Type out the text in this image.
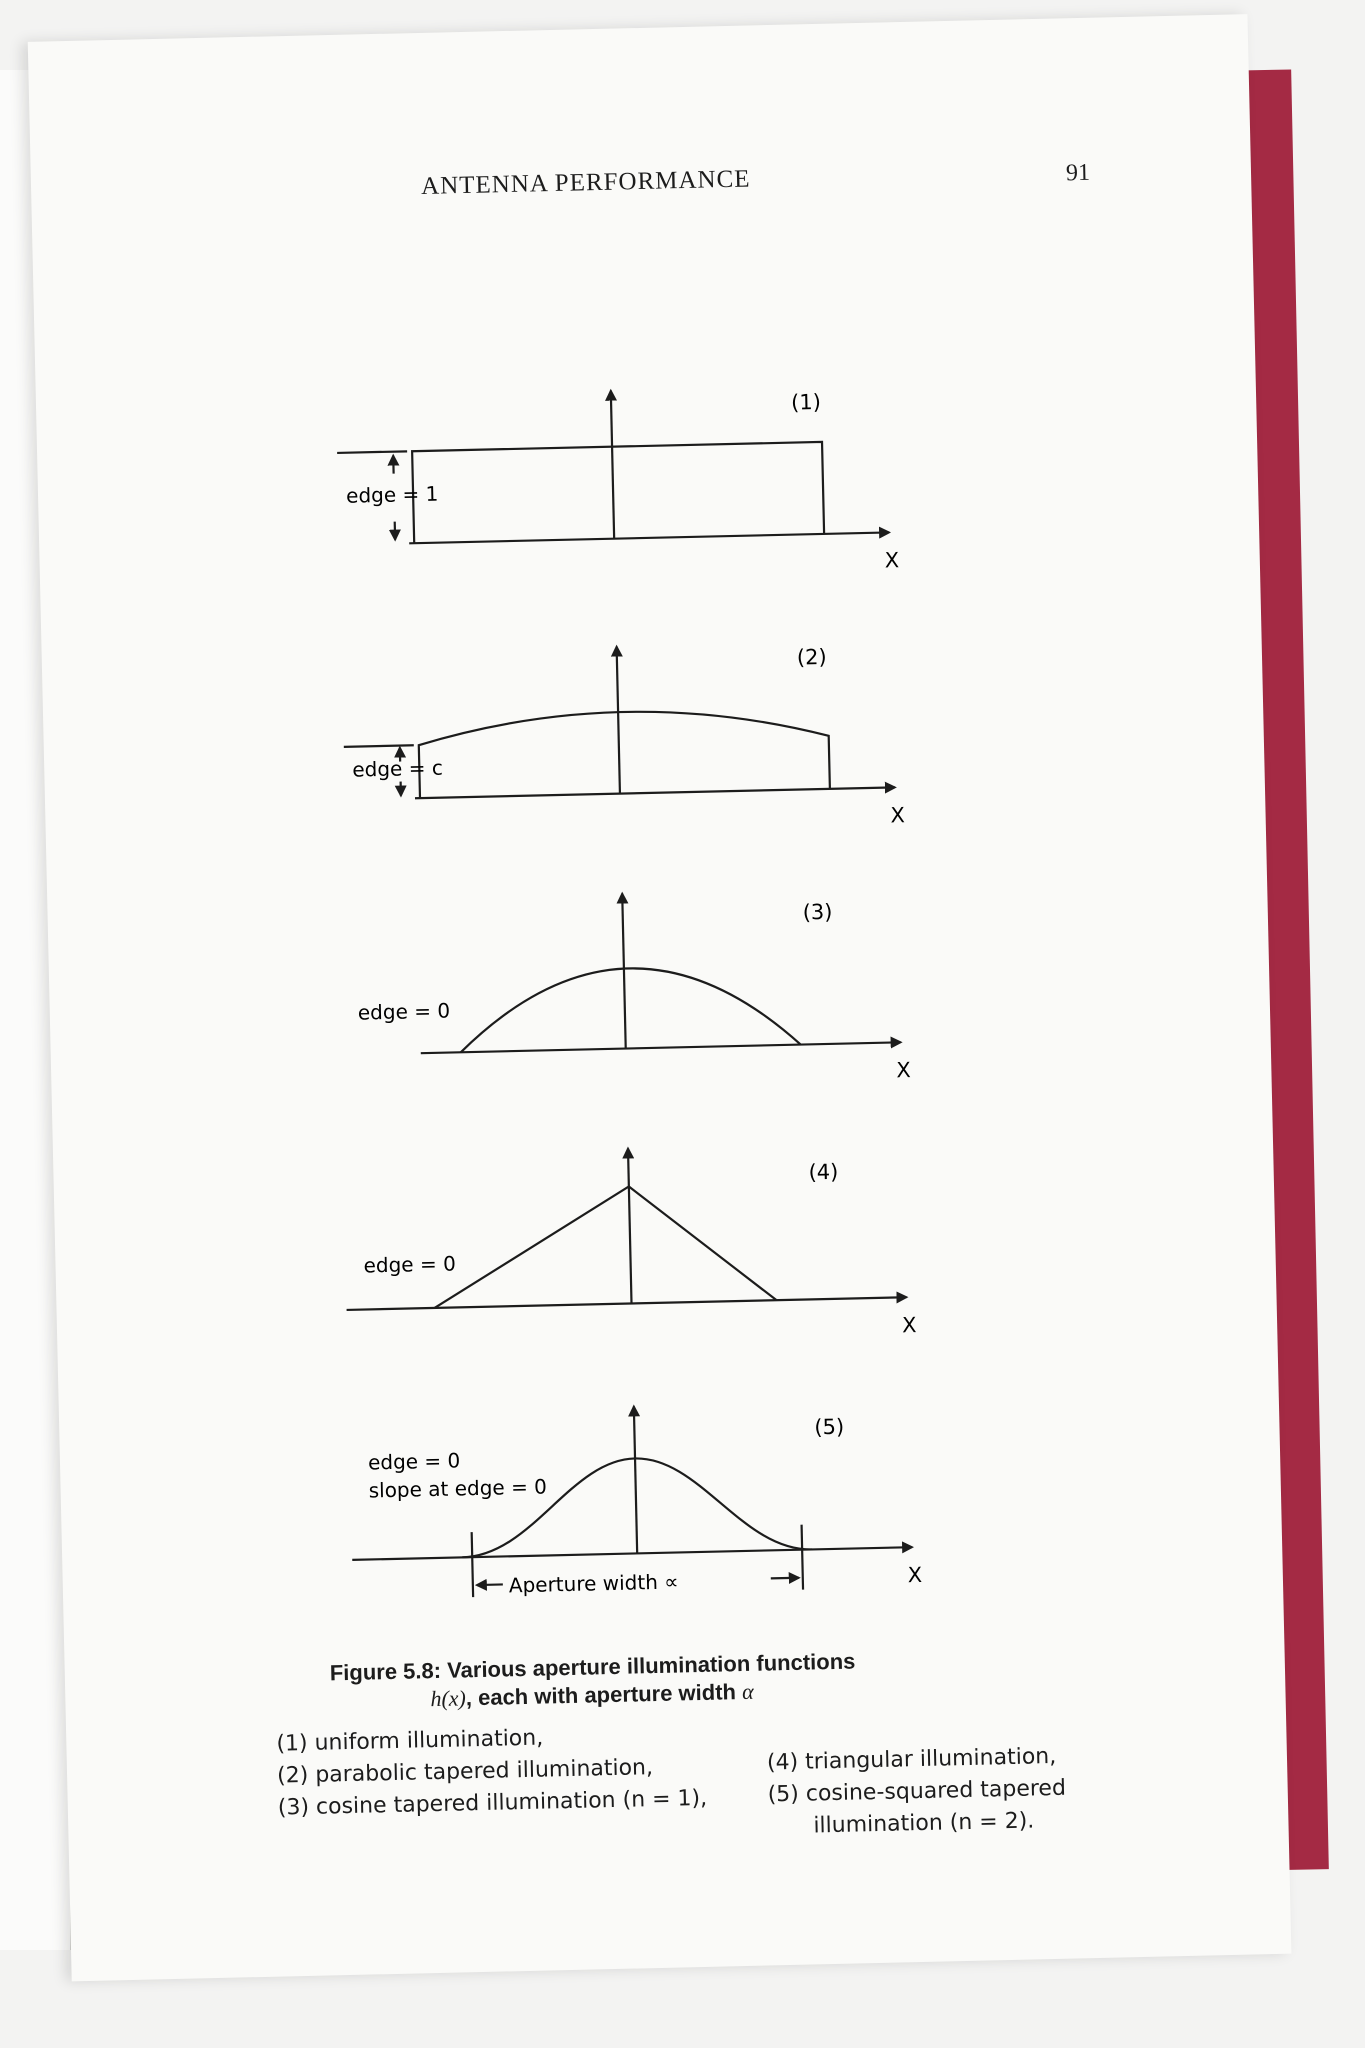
ANTENNA PERFORMANCE	91
(1)
edge = 1
X
(2)
edge = c
X
(3)
edge = 0
X
(4)
edge = 0
X
(5)
edge = 0
slope at edge = 0
X
Aperture width ∝
Figure 5.8: Various aperture illumination functions
h(x), each with aperture width α
(1) uniform illumination,
(2) parabolic tapered illumination,
(3) cosine tapered illumination (n = 1),
(4) triangular illumination,
(5) cosine-squared tapered
illumination (n = 2).
